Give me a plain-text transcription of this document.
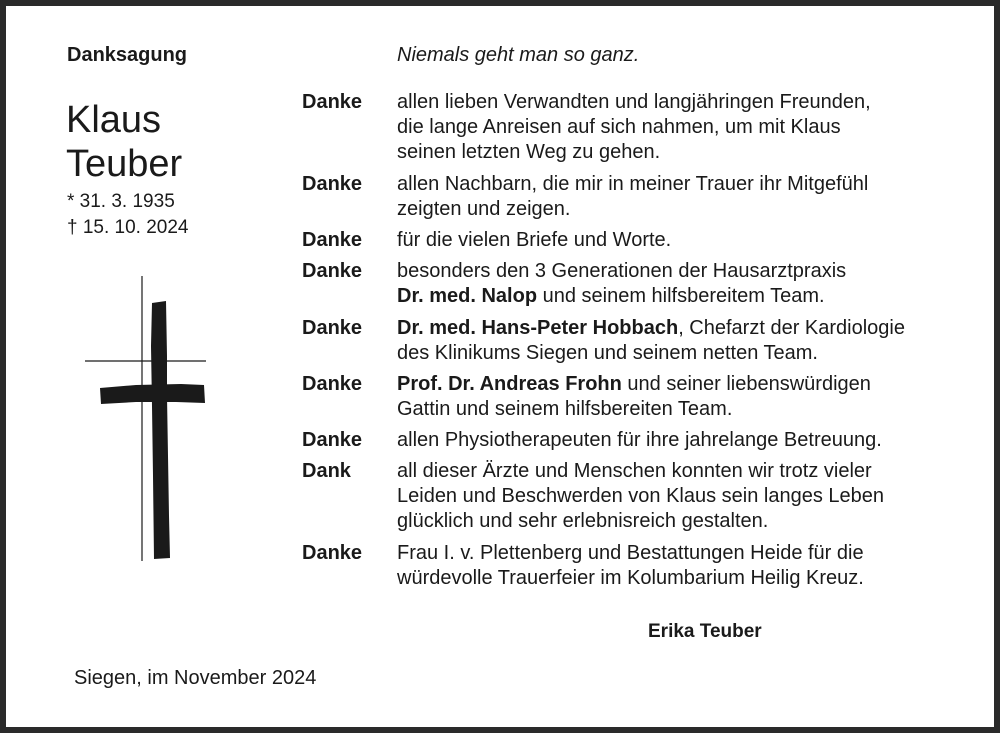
Danksagung
Klaus
Teuber
* 31. 3. 1935
† 15. 10. 2024
Niemals geht man so ganz.
Danke allen lieben Verwandten und langjähringen Freunden,
die lange Anreisen auf sich nahmen, um mit Klaus
seinen letzten Weg zu gehen.
Danke allen Nachbarn, die mir in meiner Trauer ihr Mitgefühl
zeigten und zeigen.
Danke für die vielen Briefe und Worte.
Danke besonders den 3 Generationen der Hausarztpraxis
Dr. med. Nalop und seinem hilfsbereitem Team.
Danke Dr. med. Hans-Peter Hobbach, Chefarzt der Kardiologie
des Klinikums Siegen und seinem netten Team.
Danke Prof. Dr. Andreas Frohn und seiner liebenswürdigen
Gattin und seinem hilfsbereiten Team.
Danke allen Physiotherapeuten für ihre jahrelange Betreuung.
Dank all dieser Ärzte und Menschen konnten wir trotz vieler
Leiden und Beschwerden von Klaus sein langes Leben
glücklich und sehr erlebnisreich gestalten.
Danke Frau I. v. Plettenberg und Bestattungen Heide für die
würdevolle Trauerfeier im Kolumbarium Heilig Kreuz.
Erika Teuber
Siegen, im November 2024
